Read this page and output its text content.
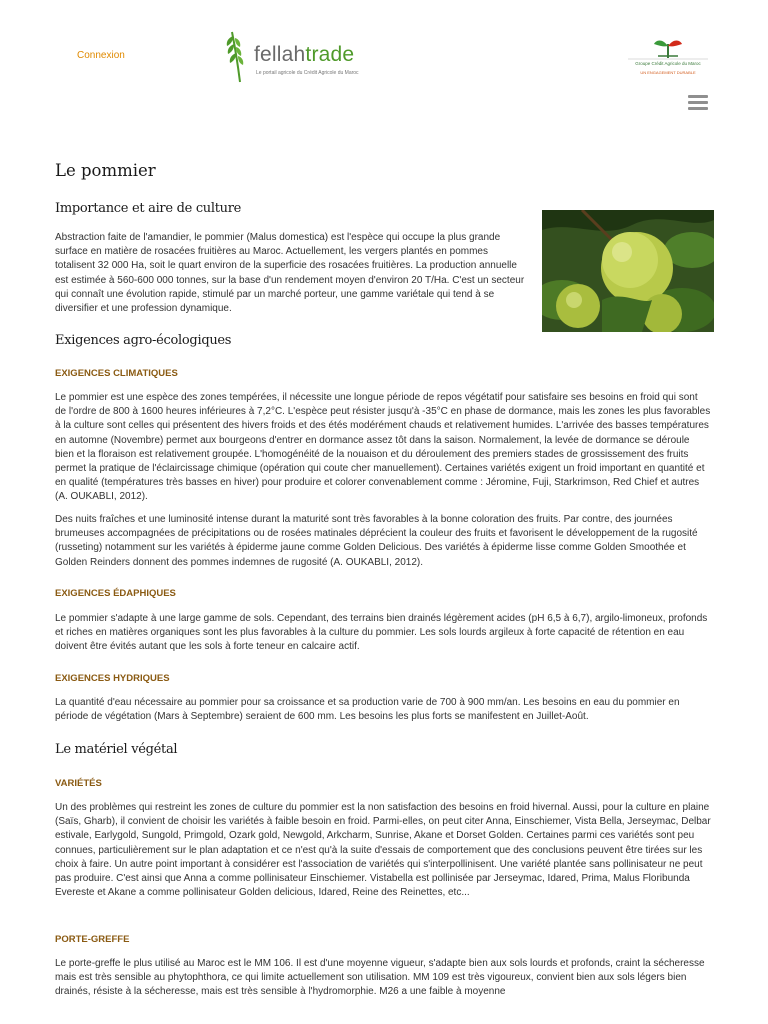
Connexion	fellahtrade
Le portail agricole du Crédit Agricole du Maroc
Groupe Crédit Agricole du Maroc
UN ENGAGEMENT DURABLE
Le pommier
Importance et aire de culture

Abstraction faite de l'amandier, le pommier (Malus domestica) est l'espèce qui occupe la plus grande surface en matière de rosacées fruitières au Maroc. Actuellement, les vergers plantés en pommes totalisent 32 000 Ha, soit le quart environ de la superficie des rosacées fruitières. La production annuelle est estimée à 560-600 000 tonnes, sur la base d'un rendement moyen d'environ 20 T/Ha. C'est un secteur qui connaît une évolution rapide, stimulé par un marché porteur, une gamme variétale qui tend à se diversifier et une profession dynamique.

Exigences agro-écologiques
EXIGENCES CLIMATIQUES

Le pommier est une espèce des zones tempérées, il nécessite une longue période de repos végétatif pour satisfaire ses besoins en froid qui sont de l'ordre de 800 à 1600 heures inférieures à 7,2°C. L'espèce peut résister jusqu'à -35°C en phase de dormance, mais les zones les plus favorables à la culture sont celles qui présentent des hivers froids et des étés modérément chauds et relativement humides. L'arrivée des basses températures en automne (Novembre) permet aux bourgeons d'entrer en dormance assez tôt dans la saison. Normalement, la levée de dormance se déroule bien et la floraison est relativement groupée. L'homogénéité de la nouaison et du déroulement des premiers stades de grossissement des fruits permet la pratique de l'éclaircissage chimique (opération qui coute cher manuellement). Certaines variétés exigent un froid important en quantité et en qualité (températures très basses en hiver) pour produire et colorer convenablement comme : Jéromine, Fuji, Starkrimson, Red Chief et autres (A. OUKABLI, 2012).

Des nuits fraîches et une luminosité intense durant la maturité sont très favorables à la bonne coloration des fruits. Par contre, des journées brumeuses accompagnées de précipitations ou de rosées matinales déprécient la couleur des fruits et favorisent le développement de la rugosité (russeting) notamment sur les variétés à épiderme jaune comme Golden Delicious. Des variétés à épiderme lisse comme Golden Smoothée et Golden Reinders donnent des pommes indemnes de rugosité (A. OUKABLI, 2012).

EXIGENCES ÉDAPHIQUES

Le pommier s'adapte à une large gamme de sols. Cependant, des terrains bien drainés légèrement acides (pH 6,5 à 6,7), argilo-limoneux, profonds et riches en matières organiques sont les plus favorables à la culture du pommier. Les sols lourds argileux à forte capacité de rétention en eau doivent être évités autant que les sols à forte teneur en calcaire actif.

EXIGENCES HYDRIQUES

La quantité d'eau nécessaire au pommier pour sa croissance et sa production varie de 700 à 900 mm/an. Les besoins en eau du pommier en période de végétation (Mars à Septembre) seraient de 600 mm. Les besoins les plus forts se manifestent en Juillet-Août.

Le matériel végétal
VARIÉTÉS

Un des problèmes qui restreint les zones de culture du pommier est la non satisfaction des besoins en froid hivernal. Aussi, pour la culture en plaine (Saïs, Gharb), il convient de choisir les variétés à faible besoin en froid. Parmi-elles, on peut citer Anna, Einschiemer, Vista Bella, Jerseymac, Delbar estivale, Earlygold, Sungold, Primgold, Ozark gold, Newgold, Arkcharm, Sunrise, Akane et Dorset Golden. Certaines parmi ces variétés sont peu connues, particulièrement sur le plan adaptation et ce n'est qu'à la suite d'essais de comportement que des conclusions peuvent être tirées sur les choix à faire. Un autre point important à considérer est l'association de variétés qui s'interpollinisent. Une variété plantée sans pollinisateur ne peut pas produire. C'est ainsi que Anna a comme pollinisateur Einschiemer. Vistabella est pollinisée par Jerseymac, Idared, Prima, Malus Floribunda Evereste et Akane a comme pollinisateur Golden delicious, Idared, Reine des Reinettes, etc...

PORTE-GREFFE

Le porte-greffe le plus utilisé au Maroc est le MM 106. Il est d'une moyenne vigueur, s'adapte bien aux sols lourds et profonds, craint la sécheresse mais est très sensible au phytophthora, ce qui limite actuellement son utilisation. MM 109 est très vigoureux, convient bien aux sols légers bien drainés, résiste à la sécheresse, mais est très sensible à l'hydromorphie. M26 a une faible à moyenne
